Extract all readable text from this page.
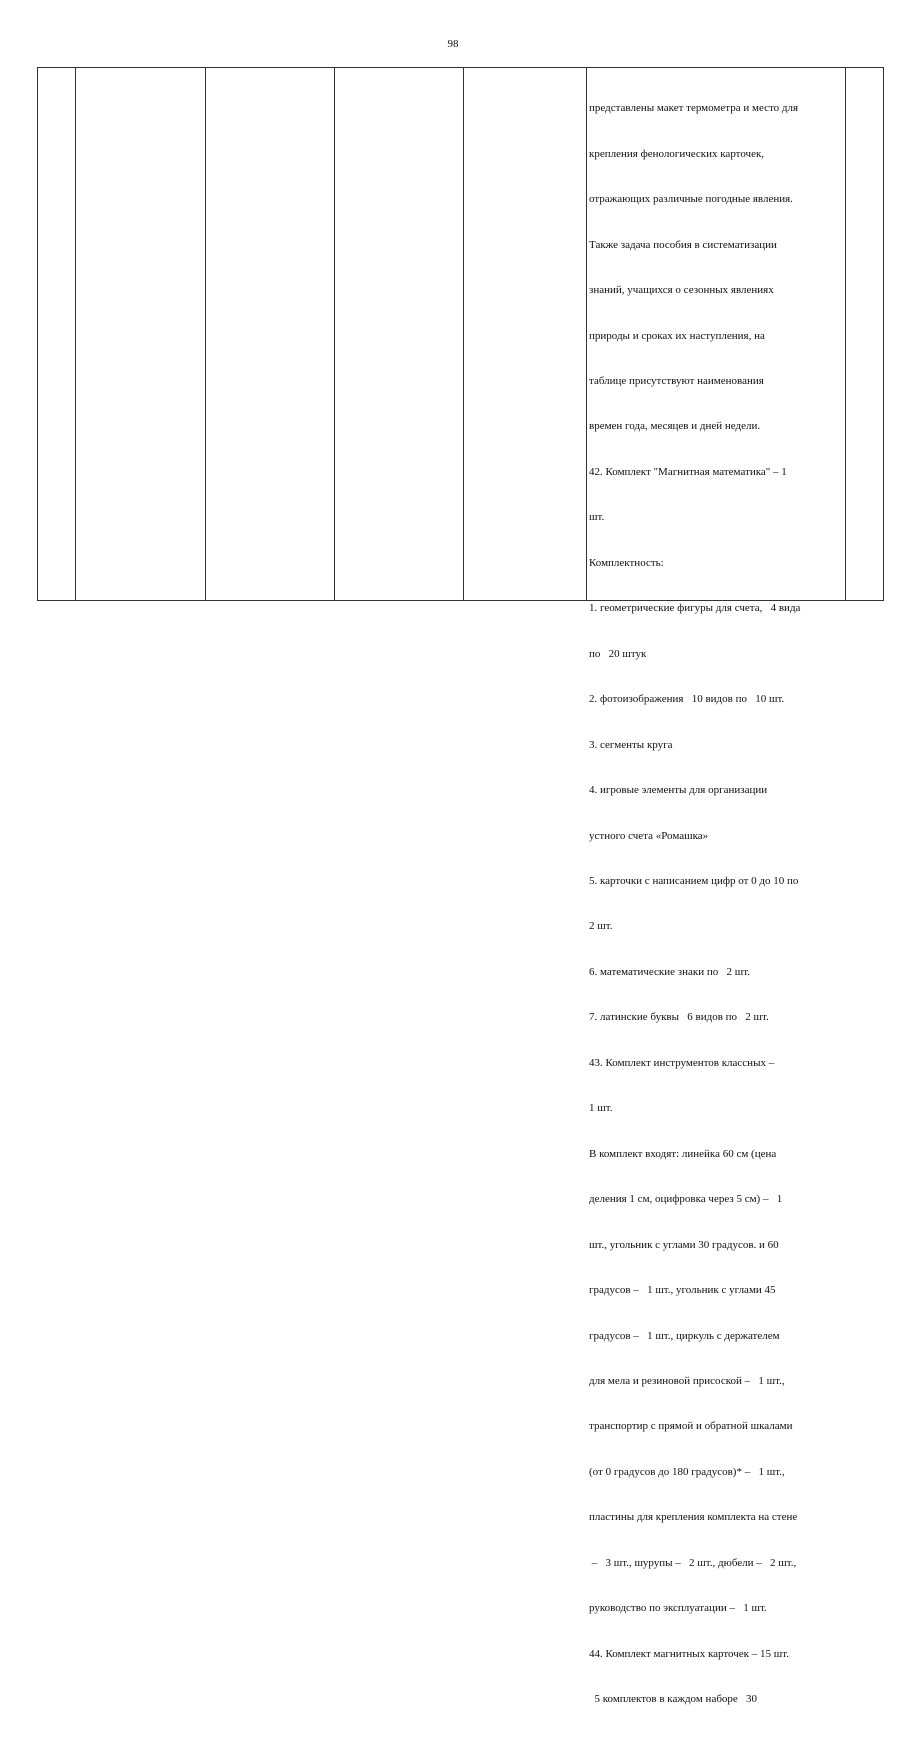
98

представлены макет термометра и место для

крепления фенологических карточек,

отражающих различные погодные явления.

Также задача пособия в систематизации

знаний, учащихся о сезонных явлениях

природы и сроках их наступления, на

таблице присутствуют наименования

времен года, месяцев и дней недели.

42. Комплект "Магнитная математика" – 1

шт.

Комплектность:

1. геометрические фигуры для счета,   4 вида

по   20 штук

2. фотоизображения   10 видов по   10 шт.

3. сегменты круга

4. игровые элементы для организации

устного счета «Ромашка»

5. карточки с написанием цифр от 0 до 10 по

2 шт.

6. математические знаки по   2 шт.

7. латинские буквы   6 видов по   2 шт.

43. Комплект инструментов классных –

1 шт.

В комплект входят: линейка 60 см (цена

деления 1 см, оцифровка через 5 см) –   1

шт., угольник с углами 30 градусов. и 60

градусов –   1 шт., угольник с углами 45

градусов –   1 шт., циркуль с держателем

для мела и резиновой присоской –   1 шт.,

транспортир с прямой и обратной шкалами

(от 0 градусов до 180 градусов)* –   1 шт.,

пластины для крепления комплекта на стене

–   3 шт., шурупы –   2 шт., дюбели –   2 шт.,

руководство по эксплуатации –   1 шт.

44. Комплект магнитных карточек – 15 шт.

5 комплектов в каждом наборе   30
